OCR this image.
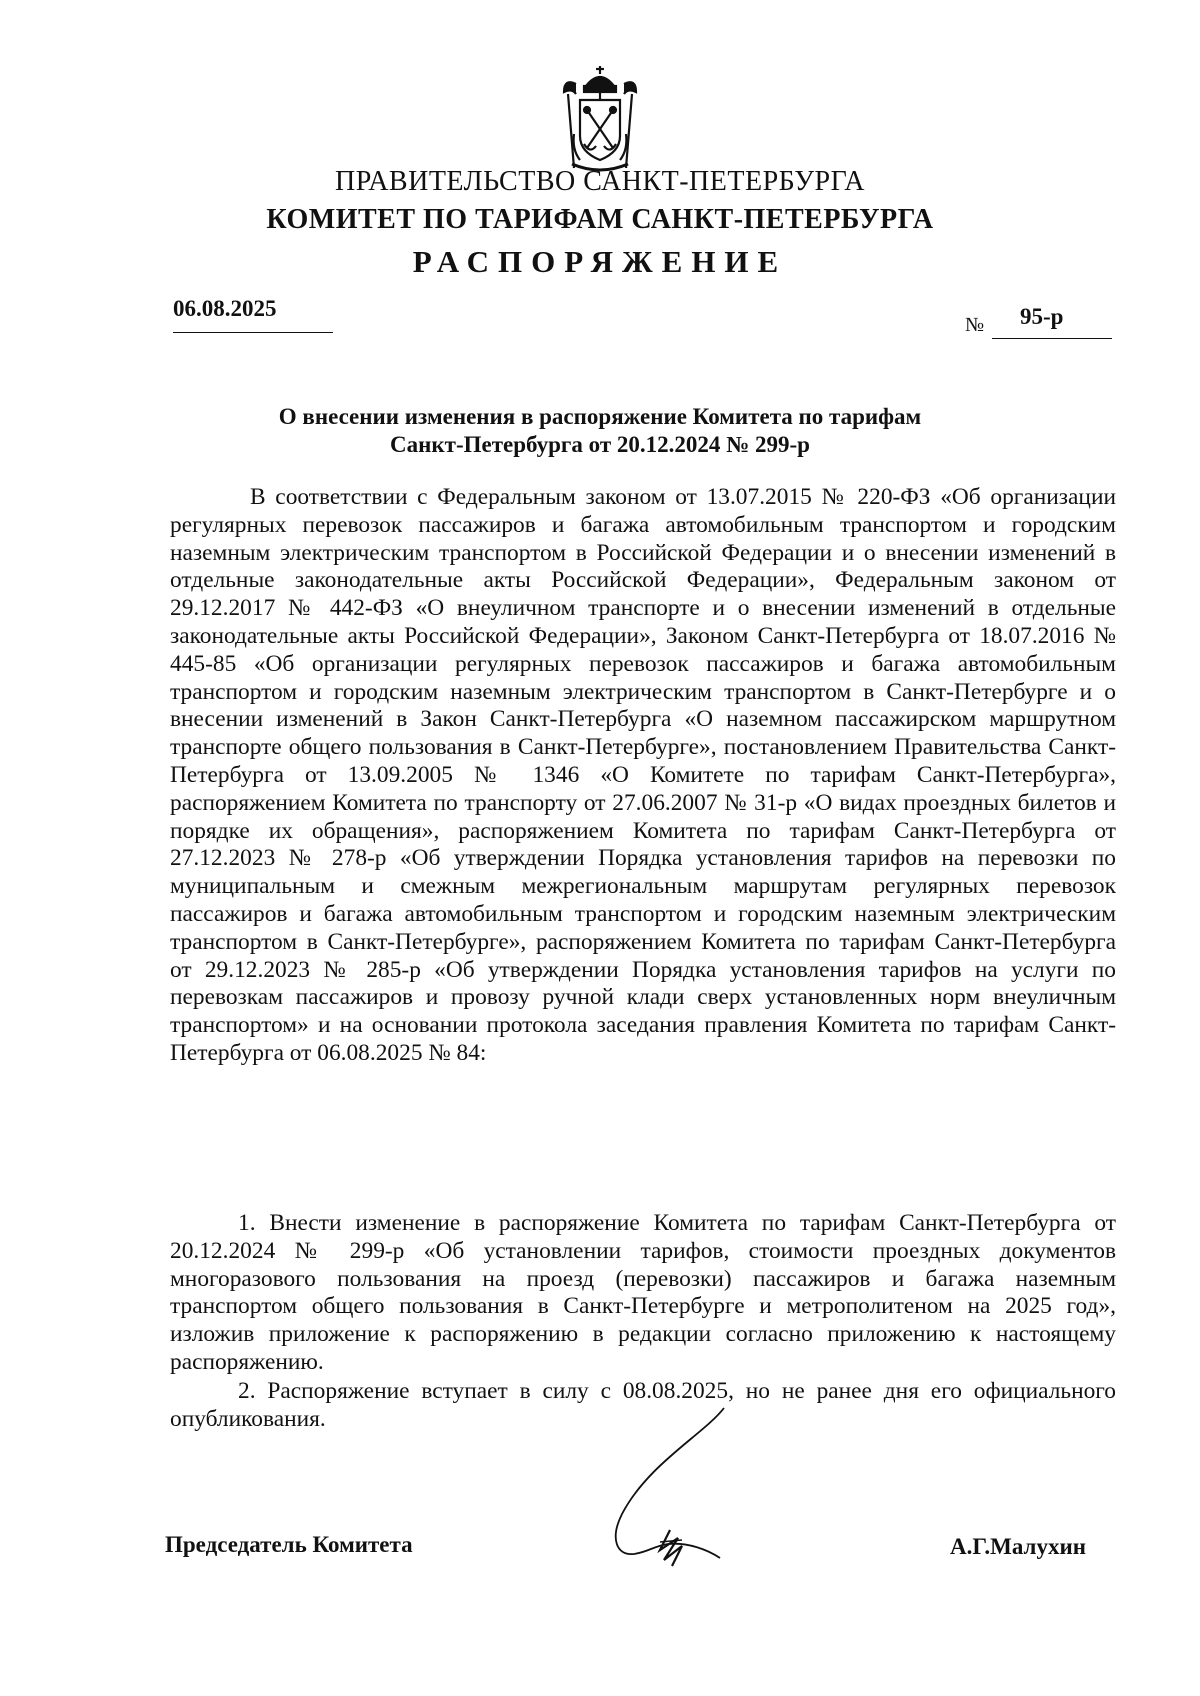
ПРАВИТЕЛЬСТВО САНКТ-ПЕТЕРБУРГА
КОМИТЕТ ПО ТАРИФАМ САНКТ-ПЕТЕРБУРГА
РАСПОРЯЖЕНИЕ
06.08.2025
№ 95-р
О внесении изменения в распоряжение Комитета по тарифам
Санкт-Петербурга от 20.12.2024 № 299-р

В соответствии с Федеральным законом от 13.07.2015 № 220-ФЗ «Об организации регулярных перевозок пассажиров и багажа автомобильным транспортом и городским наземным электрическим транспортом в Российской Федерации и о внесении изменений в отдельные законодательные акты Российской Федерации», Федеральным законом от 29.12.2017 № 442-ФЗ «О внеуличном транспорте и о внесении изменений в отдельные законодательные акты Российской Федерации», Законом Санкт-Петербурга от 18.07.2016 № 445-85 «Об организации регулярных перевозок пассажиров и багажа автомобильным транспортом и городским наземным электрическим транспортом в Санкт-Петербурге и о внесении изменений в Закон Санкт-Петербурга «О наземном пассажирском маршрутном транспорте общего пользования в Санкт-Петербурге», постановлением Правительства Санкт-Петербурга от 13.09.2005 № 1346 «О Комитете по тарифам Санкт-Петербурга», распоряжением Комитета по транспорту от 27.06.2007 № 31-р «О видах проездных билетов и порядке их обращения», распоряжением Комитета по тарифам Санкт-Петербурга от 27.12.2023 № 278-р «Об утверждении Порядка установления тарифов на перевозки по муниципальным и смежным межрегиональным маршрутам регулярных перевозок пассажиров и багажа автомобильным транспортом и городским наземным электрическим транспортом в Санкт-Петербурге», распоряжением Комитета по тарифам Санкт-Петербурга от 29.12.2023 № 285-р «Об утверждении Порядка установления тарифов на услуги по перевозкам пассажиров и провозу ручной клади сверх установленных норм внеуличным транспортом» и на основании протокола заседания правления Комитета по тарифам Санкт-Петербурга от 06.08.2025 № 84:

1. Внести изменение в распоряжение Комитета по тарифам Санкт-Петербурга от 20.12.2024 № 299-р «Об установлении тарифов, стоимости проездных документов многоразового пользования на проезд (перевозки) пассажиров и багажа наземным транспортом общего пользования в Санкт-Петербурге и метрополитеном на 2025 год», изложив приложение к распоряжению в редакции согласно приложению к настоящему распоряжению.

2. Распоряжение вступает в силу с 08.08.2025, но не ранее дня его официального опубликования.

Председатель Комитета	А.Г.Малухин
